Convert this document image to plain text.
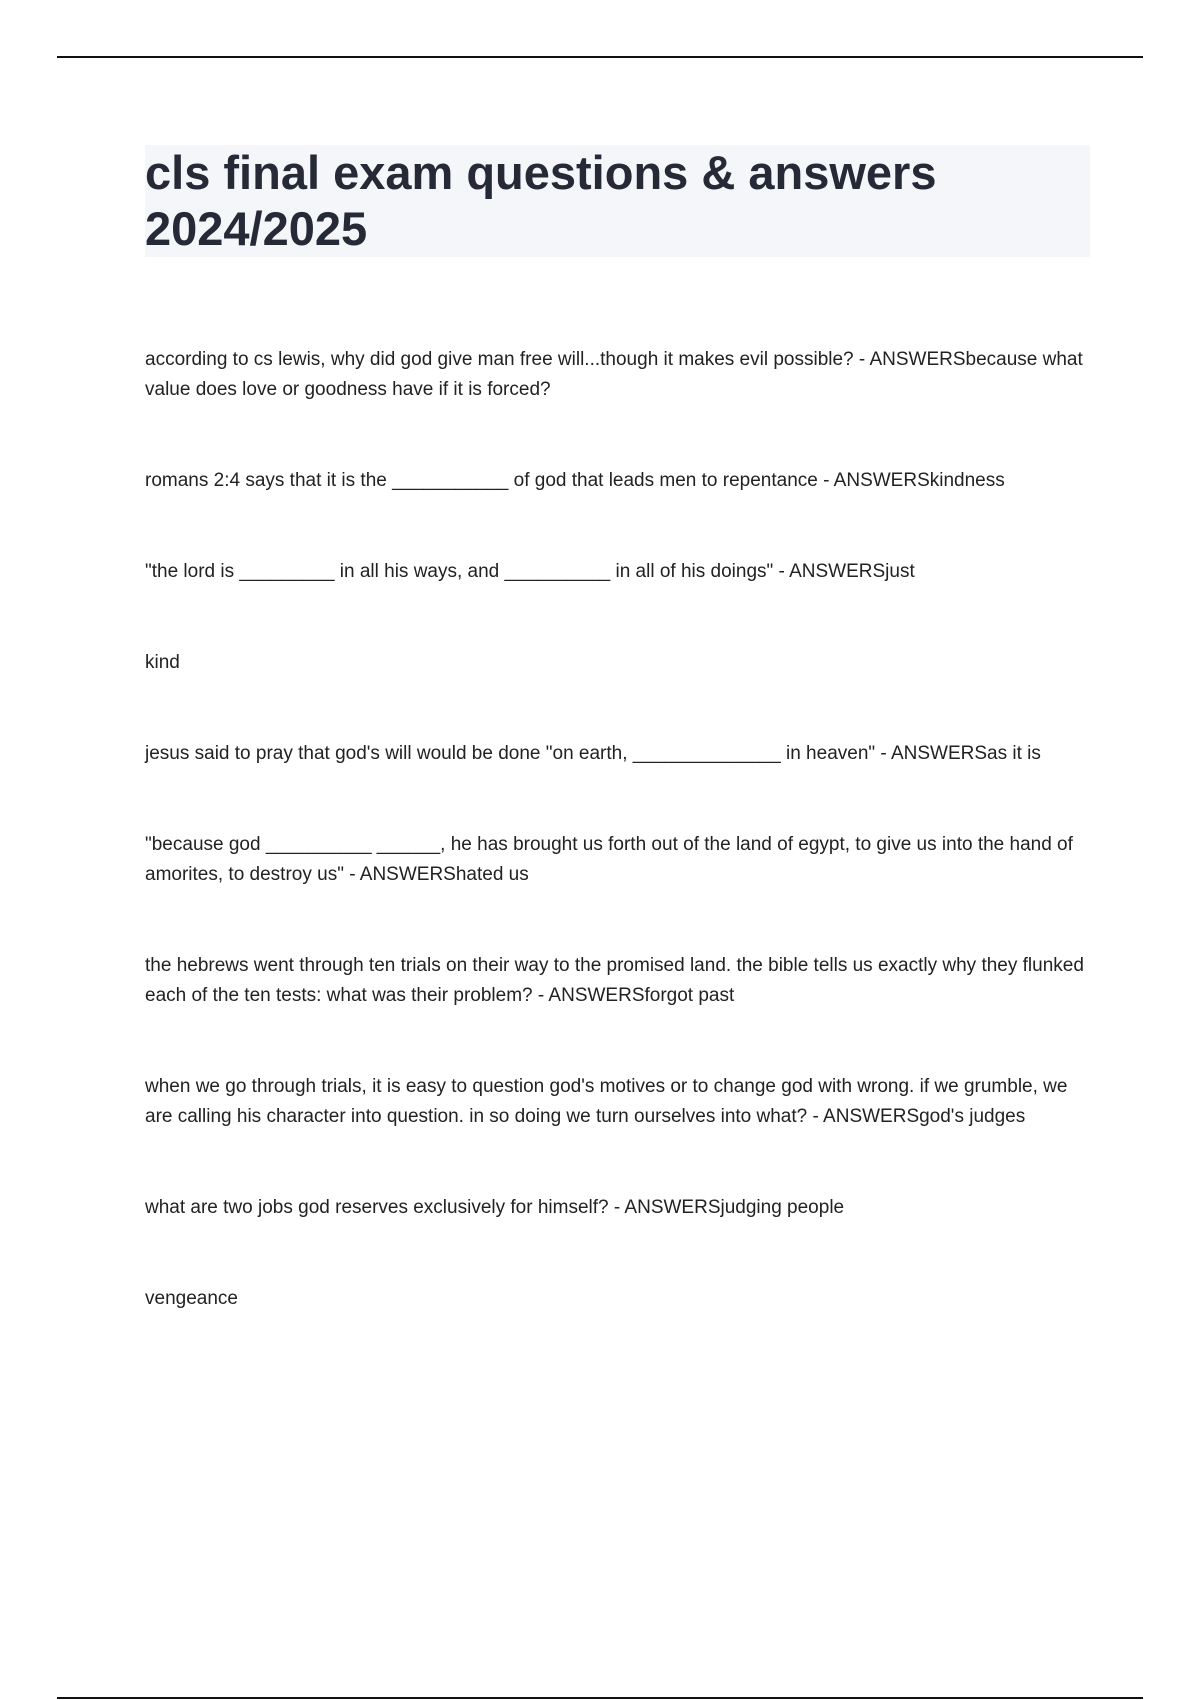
cls final exam questions & answers 2024/2025

according to cs lewis, why did god give man free will...though it makes evil possible? - ANSWERSbecause what value does love or goodness have if it is forced?

romans 2:4 says that it is the ___________ of god that leads men to repentance - ANSWERSkindness

"the lord is _________ in all his ways, and __________ in all of his doings" - ANSWERSjust

kind

jesus said to pray that god's will would be done "on earth, ______________ in heaven" - ANSWERSas it is

"because god __________ ______, he has brought us forth out of the land of egypt, to give us into the hand of amorites, to destroy us" - ANSWERShated us

the hebrews went through ten trials on their way to the promised land. the bible tells us exactly why they flunked each of the ten tests: what was their problem? - ANSWERSforgot past

when we go through trials, it is easy to question god's motives or to change god with wrong. if we grumble, we are calling his character into question. in so doing we turn ourselves into what? - ANSWERSgod's judges

what are two jobs god reserves exclusively for himself? - ANSWERSjudging people

vengeance
